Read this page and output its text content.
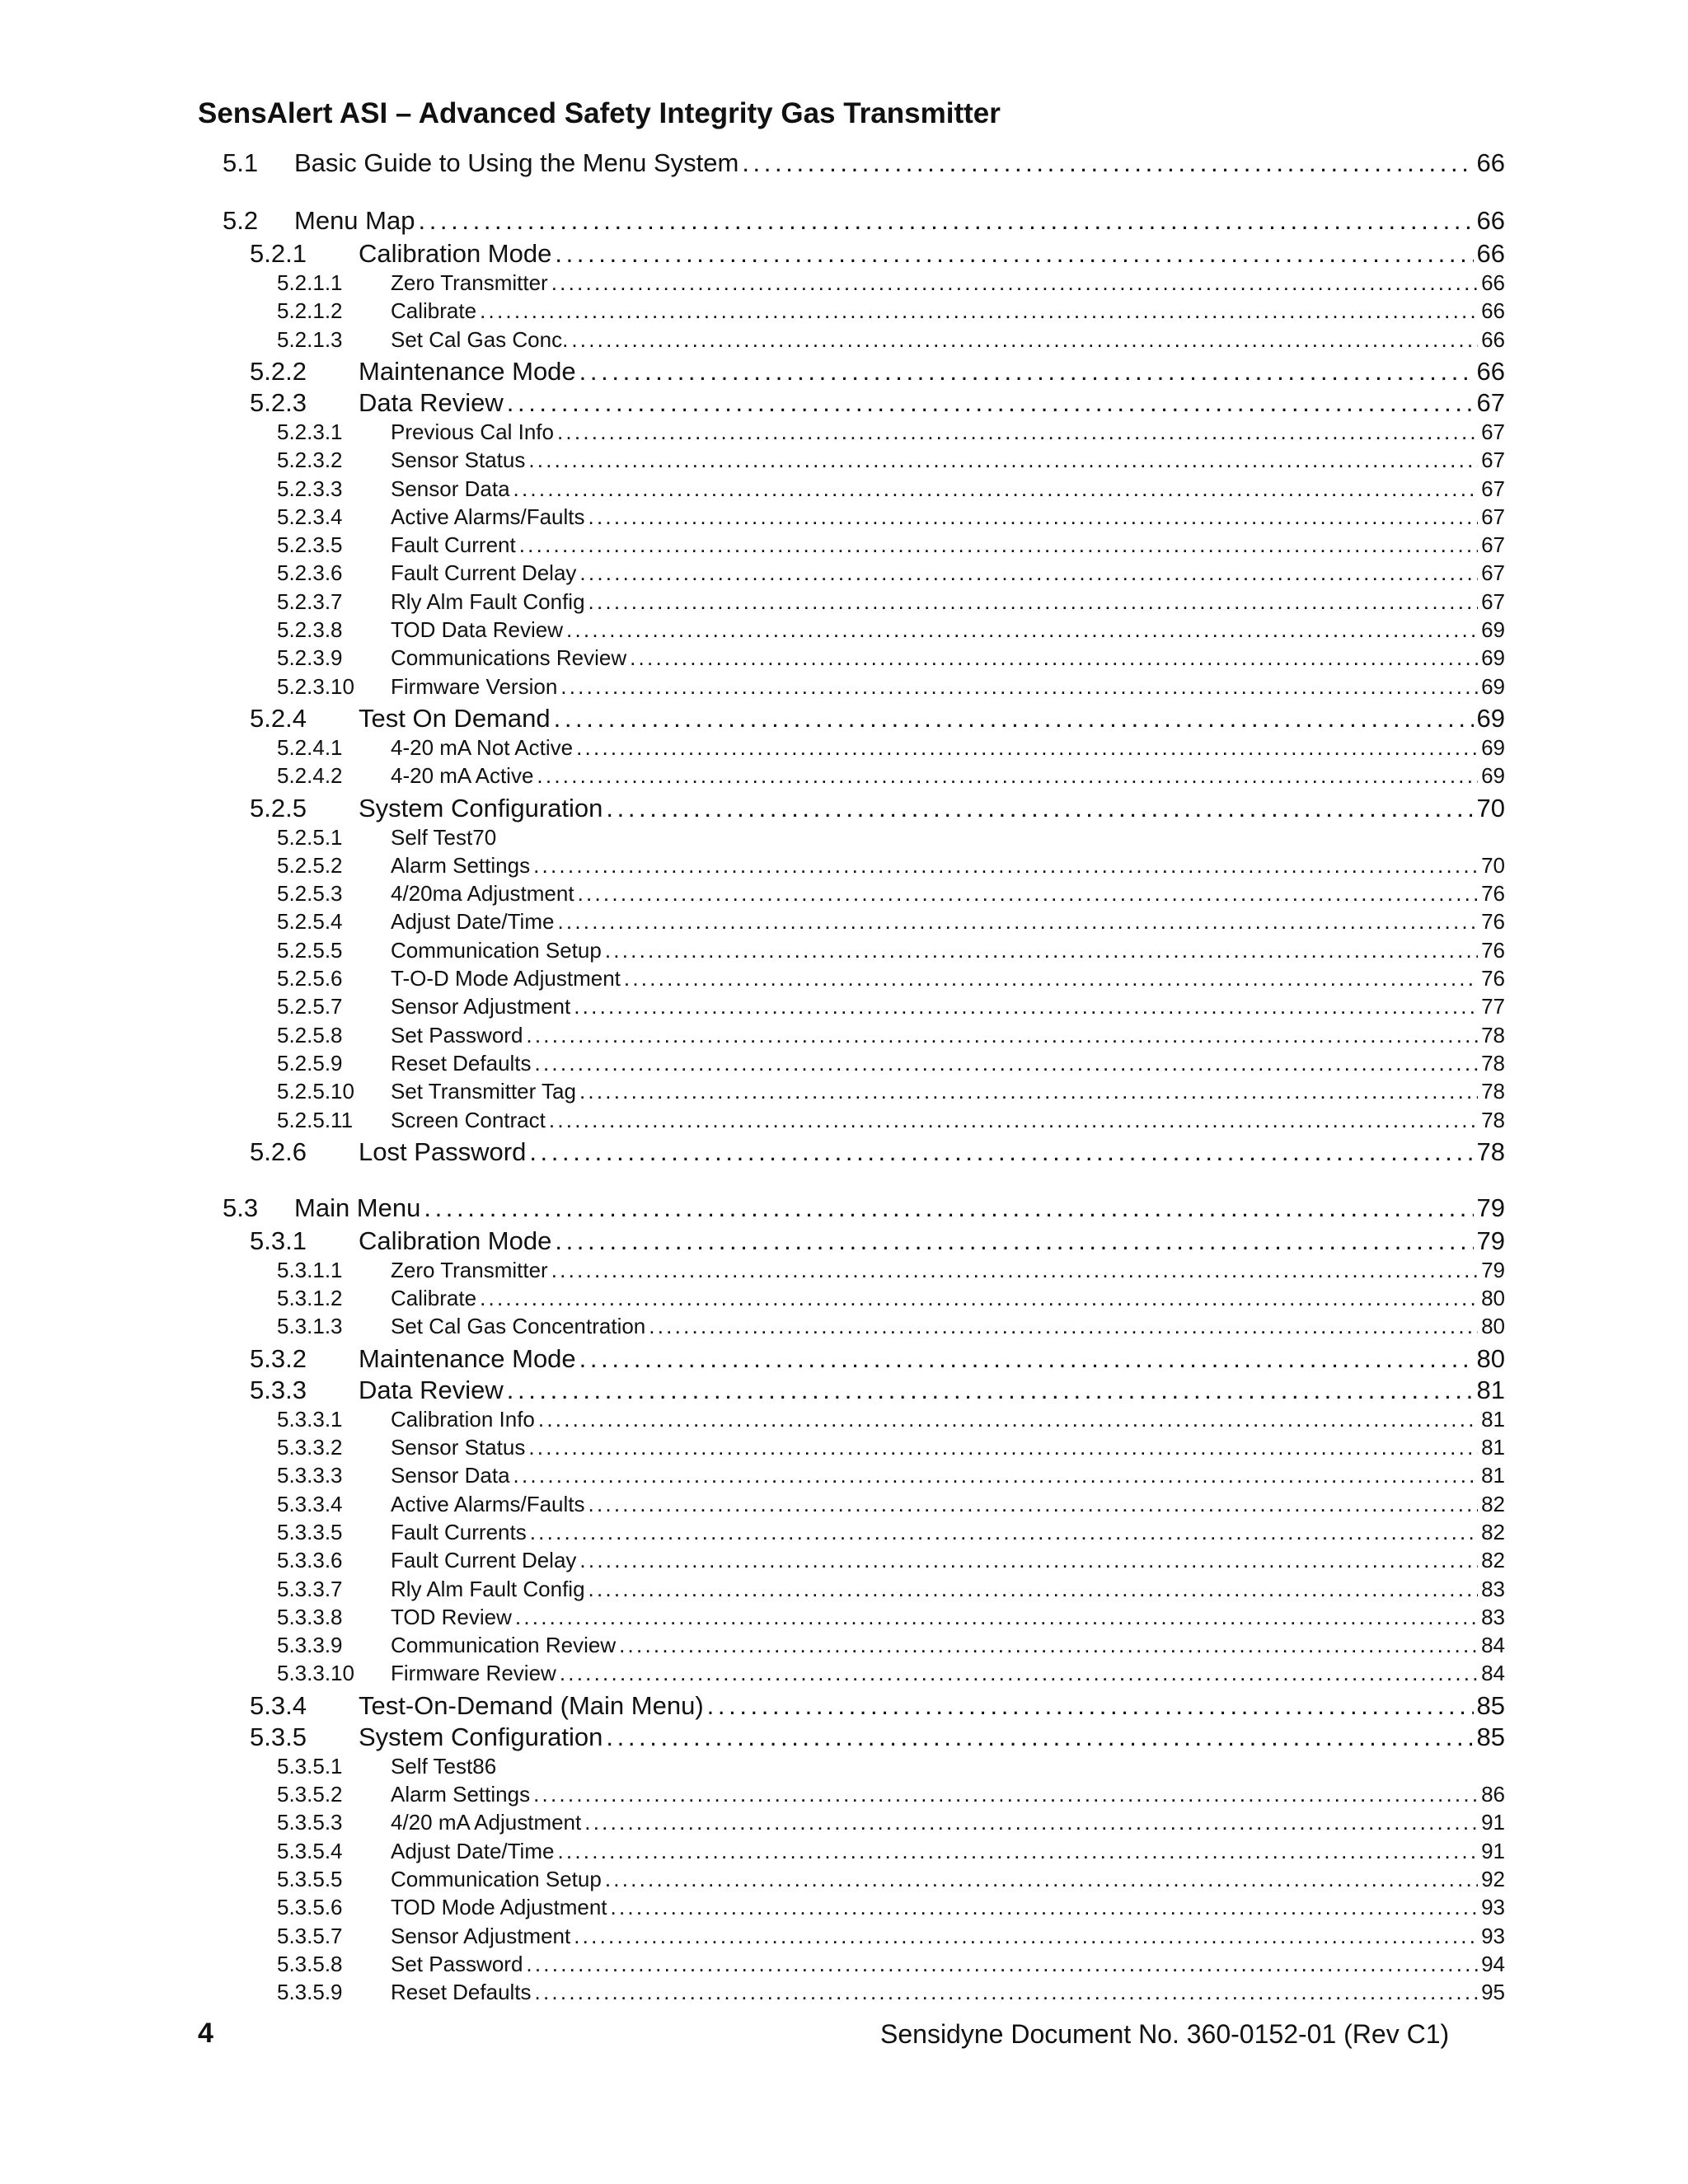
SensAlert ASI – Advanced Safety Integrity Gas Transmitter
5.1	Basic Guide to Using the Menu System . . .	66
5.2	Menu Map . . .	66
5.2.1	Calibration Mode . . .	66
5.2.1.1	Zero Transmitter . . .	66
5.2.1.2	Calibrate . . .	66
5.2.1.3	Set Cal Gas Conc. . . .	66
5.2.2	Maintenance Mode . . .	66
5.2.3	Data Review . . .	67
5.2.3.1	Previous Cal Info . . .	67
5.2.3.2	Sensor Status . . .	67
5.2.3.3	Sensor Data . . .	67
5.2.3.4	Active Alarms/Faults . . .	67
5.2.3.5	Fault Current . . .	67
5.2.3.6	Fault Current Delay . . .	67
5.2.3.7	Rly Alm Fault Config . . .	67
5.2.3.8	TOD Data Review . . .	69
5.2.3.9	Communications Review . . .	69
5.2.3.10	Firmware Version . . .	69
5.2.4	Test On Demand . . .	69
5.2.4.1	4-20 mA Not Active . . .	69
5.2.4.2	4-20 mA Active . . .	69
5.2.5	System Configuration . . .	70
5.2.5.1	Self Test70
5.2.5.2	Alarm Settings . . .	70
5.2.5.3	4/20ma Adjustment . . .	76
5.2.5.4	Adjust Date/Time . . .	76
5.2.5.5	Communication Setup . . .	76
5.2.5.6	T-O-D Mode Adjustment . . .	76
5.2.5.7	Sensor Adjustment . . .	77
5.2.5.8	Set Password . . .	78
5.2.5.9	Reset Defaults . . .	78
5.2.5.10	Set Transmitter Tag . . .	78
5.2.5.11	Screen Contract . . .	78
5.2.6	Lost Password . . .	78
5.3	Main Menu . . .	79
5.3.1	Calibration Mode . . .	79
5.3.1.1	Zero Transmitter . . .	79
5.3.1.2	Calibrate . . .	80
5.3.1.3	Set Cal Gas Concentration . . .	80
5.3.2	Maintenance Mode . . .	80
5.3.3	Data Review . . .	81
5.3.3.1	Calibration Info . . .	81
5.3.3.2	Sensor Status . . .	81
5.3.3.3	Sensor Data . . .	81
5.3.3.4	Active Alarms/Faults . . .	82
5.3.3.5	Fault Currents . . .	82
5.3.3.6	Fault Current Delay . . .	82
5.3.3.7	Rly Alm Fault Config . . .	83
5.3.3.8	TOD Review . . .	83
5.3.3.9	Communication Review . . .	84
5.3.3.10	Firmware Review . . .	84
5.3.4	Test-On-Demand (Main Menu) . . .	85
5.3.5	System Configuration . . .	85
5.3.5.1	Self Test86
5.3.5.2	Alarm Settings . . .	86
5.3.5.3	4/20 mA Adjustment . . .	91
5.3.5.4	Adjust Date/Time . . .	91
5.3.5.5	Communication Setup . . .	92
5.3.5.6	TOD Mode Adjustment . . .	93
5.3.5.7	Sensor Adjustment . . .	93
5.3.5.8	Set Password . . .	94
5.3.5.9	Reset Defaults . . .	95
4	Sensidyne Document No. 360-0152-01 (Rev C1)
